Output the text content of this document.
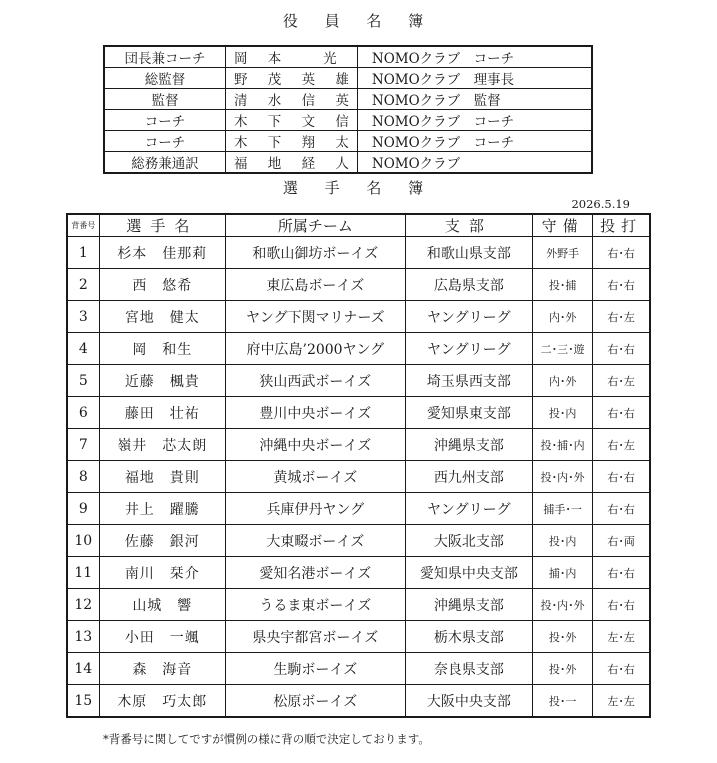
役 員 名 簿
団長兼コーチ	岡 本 　光	NOMOクラブ　コーチ
総監督	野 茂 英 雄	NOMOクラブ　理事長
監督	清 水 信 英	NOMOクラブ　監督
コーチ	木 下 文 信	NOMOクラブ　コーチ
コーチ	木 下 翔 太	NOMOクラブ　コーチ
総務兼通訳	福 地 経 人	NOMOクラブ
選 手 名 簿
2026.5.19
背番号	選手名	所属チーム	支部	守備	投打
1	杉本　佳那莉	和歌山御坊ボーイズ	和歌山県支部	外野手	右･右
2	西　悠希	東広島ボーイズ	広島県支部	投･捕	右･右
3	宮地　健太	ヤング下関マリナーズ	ヤングリーグ	内･外	右･左
4	岡　和生	府中広島’2000ヤング	ヤングリーグ	二･三･遊	右･右
5	近藤　楓貴	狭山西武ボーイズ	埼玉県西支部	内･外	右･左
6	藤田　壮祐	豊川中央ボーイズ	愛知県東支部	投･内	右･右
7	嶺井　芯太朗	沖縄中央ボーイズ	沖縄県支部	投･捕･内	右･左
8	福地　貴則	黄城ボーイズ	西九州支部	投･内･外	右･右
9	井上　躍騰	兵庫伊丹ヤング	ヤングリーグ	捕手･一	右･右
10	佐藤　銀河	大東畷ボーイズ	大阪北支部	投･内	右･両
11	南川　栞介	愛知名港ボーイズ	愛知県中央支部	捕･内	右･右
12	山城　響	うるま東ボーイズ	沖縄県支部	投･内･外	右･右
13	小田　一颯	県央宇都宮ボーイズ	栃木県支部	投･外	左･左
14	森　海音	生駒ボーイズ	奈良県支部	投･外	右･右
15	木原　巧太郎	松原ボーイズ	大阪中央支部	投･一	左･左
*背番号に関してですが慣例の様に背の順で決定しております。
